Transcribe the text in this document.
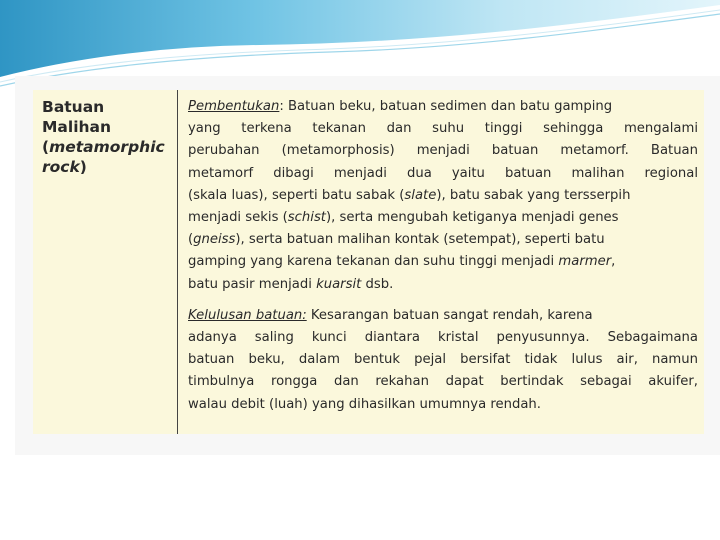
Batuan
Malihan
(metamorphic
rock)
Pembentukan: Batuan beku, batuan sedimen dan batu gamping
yang terkena tekanan dan suhu tinggi sehingga mengalami
perubahan (metamorphosis) menjadi batuan metamorf. Batuan
metamorf dibagi menjadi dua yaitu batuan malihan regional
(skala luas), seperti batu sabak (slate), batu sabak yang tersserpih
menjadi sekis (schist), serta mengubah ketiganya menjadi genes
(gneiss), serta batuan malihan kontak (setempat), seperti batu
gamping yang karena tekanan dan suhu tinggi menjadi marmer,
batu pasir menjadi kuarsit dsb.
Kelulusan batuan: Kesarangan batuan sangat rendah, karena
adanya saling kunci diantara kristal penyusunnya. Sebagaimana
batuan beku, dalam bentuk pejal bersifat tidak lulus air, namun
timbulnya rongga dan rekahan dapat bertindak sebagai akuifer,
walau debit (luah) yang dihasilkan umumnya rendah.
